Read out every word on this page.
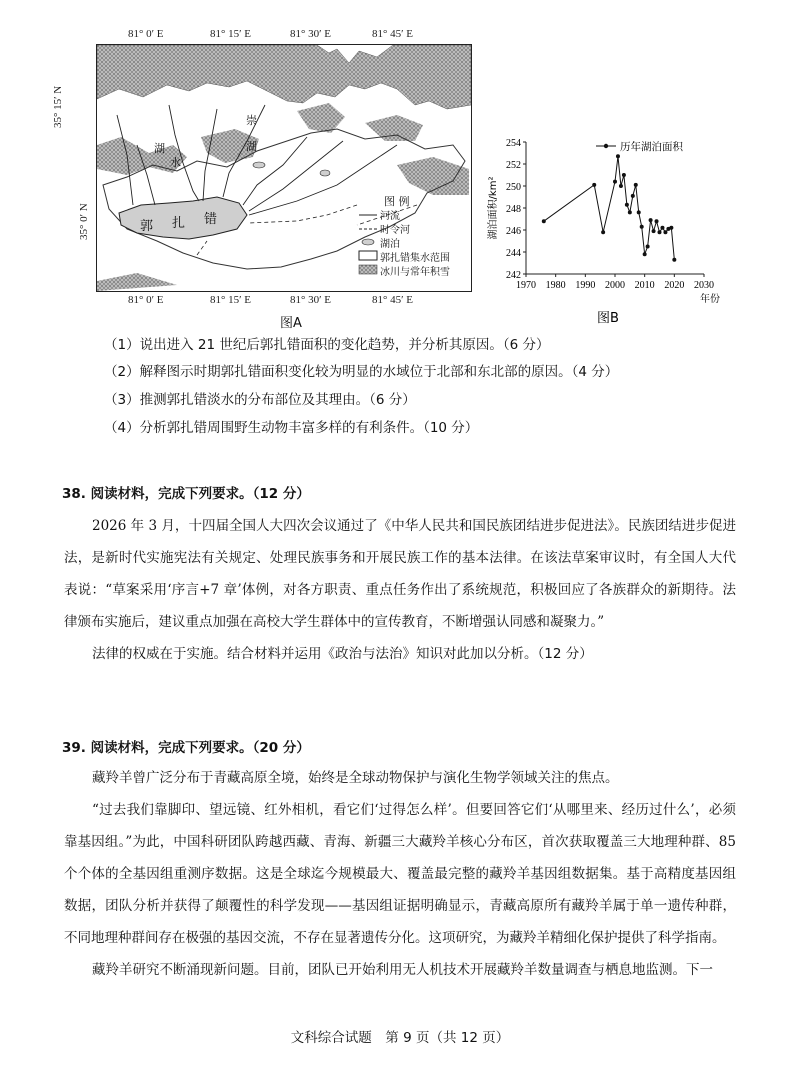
81° 0′ E	81° 15′ E	81° 30′ E	81° 45′ E
35° 15′ N
35° 0′ N	郭 扎 错
湖
水
崇
湖
图 例
河流
时令河
湖泊
郭扎错集水范围
冰川与常年积雪
81° 0′ E	81° 15′ E	81° 30′ E	81° 45′ E
图A
1970 1980 1990 2000 2010 2020 2030
242
244
246
248
250
252
254
湖泊面积/km²
年份
历年湖泊面积
图B
（1）说出进入 21 世纪后郭扎错面积的变化趋势，并分析其原因。（6 分）
（2）解释图示时期郭扎错面积变化较为明显的水域位于北部和东北部的原因。（4 分）
（3）推测郭扎错淡水的分布部位及其理由。（6 分）
（4）分析郭扎错周围野生动物丰富多样的有利条件。（10 分）
38. 阅读材料，完成下列要求。（12 分）

2026 年 3 月，十四届全国人大四次会议通过了《中华人民共和国民族团结进步促进法》。民族团结进步促进法，是新时代实施宪法有关规定、处理民族事务和开展民族工作的基本法律。在该法草案审议时，有全国人大代表说：“草案采用‘序言+7 章’体例，对各方职责、重点任务作出了系统规范，积极回应了各族群众的新期待。法律颁布实施后，建议重点加强在高校大学生群体中的宣传教育，不断增强认同感和凝聚力。”

法律的权威在于实施。结合材料并运用《政治与法治》知识对此加以分析。（12 分）

39. 阅读材料，完成下列要求。（20 分）

藏羚羊曾广泛分布于青藏高原全境，始终是全球动物保护与演化生物学领域关注的焦点。

“过去我们靠脚印、望远镜、红外相机，看它们‘过得怎么样’。但要回答它们‘从哪里来、经历过什么’，必须靠基因组。”为此，中国科研团队跨越西藏、青海、新疆三大藏羚羊核心分布区，首次获取覆盖三大地理种群、85 个个体的全基因组重测序数据。这是全球迄今规模最大、覆盖最完整的藏羚羊基因组数据集。基于高精度基因组数据，团队分析并获得了颠覆性的科学发现——基因组证据明确显示，青藏高原所有藏羚羊属于单一遗传种群，不同地理种群间存在极强的基因交流，不存在显著遗传分化。这项研究，为藏羚羊精细化保护提供了科学指南。

藏羚羊研究不断涌现新问题。目前，团队已开始利用无人机技术开展藏羚羊数量调查与栖息地监测。下一

文科综合试题　第 9 页（共 12 页）
